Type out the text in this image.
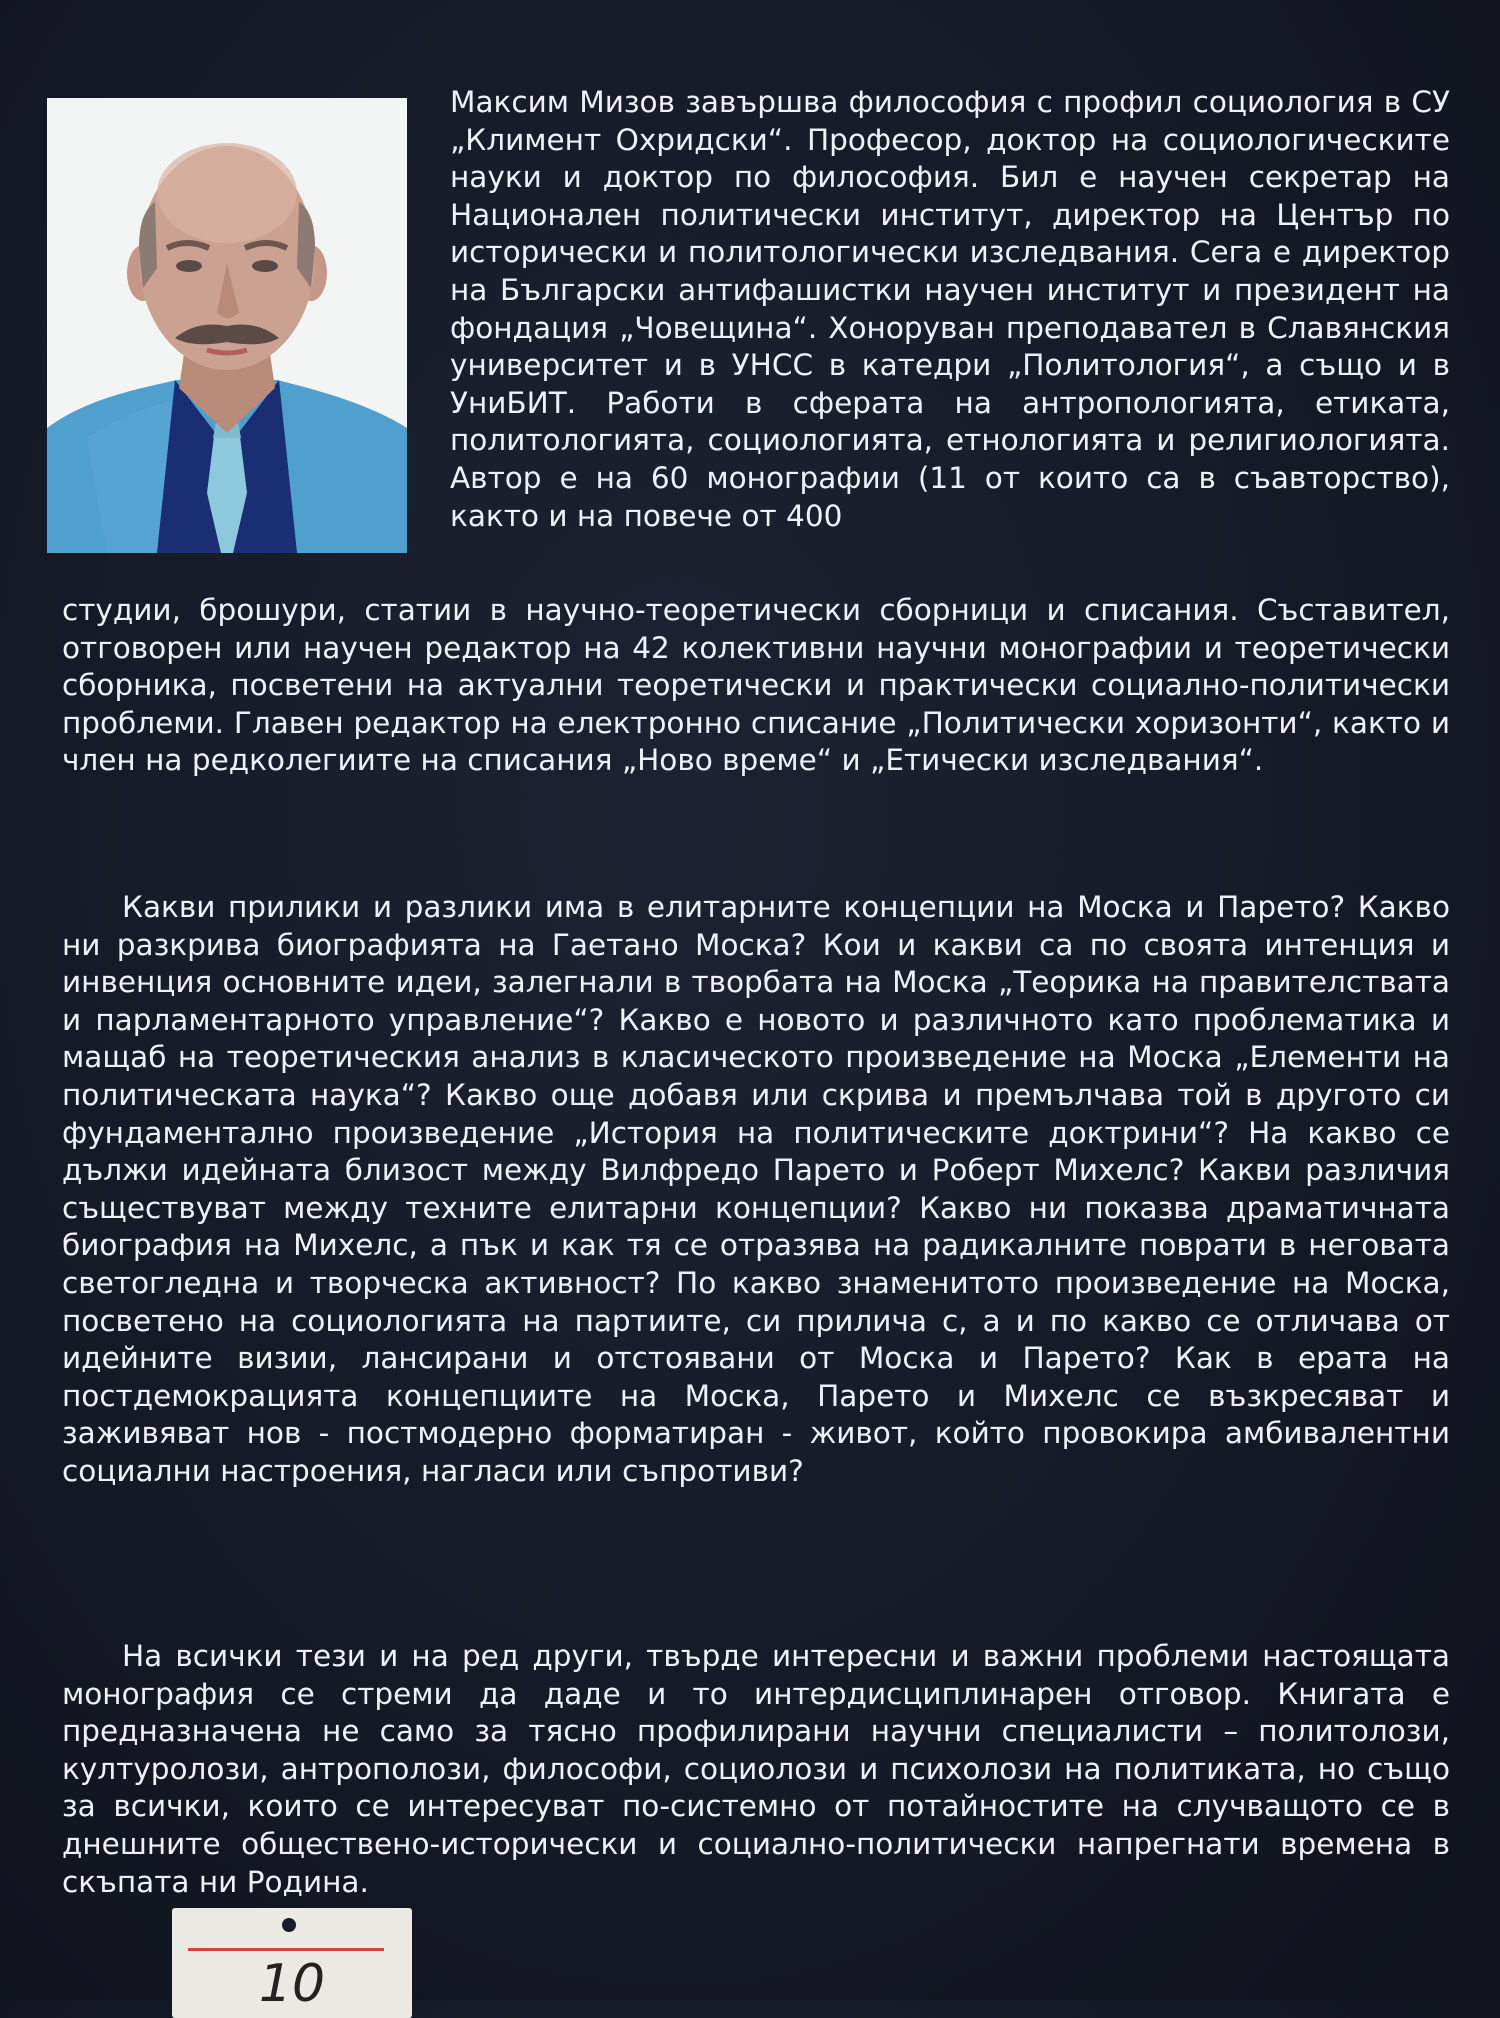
Максим Мизов завършва философия с профил социология в СУ „Климент Охридски“. Професор, доктор на социологическите науки и доктор по философия. Бил е научен секретар на Национален политически институт, директор на Център по исторически и политологически изследвания. Сега е директор на Български антифашистки научен институт и президент на фондация „Човещина“. Хоноруван преподавател в Славянския университет и в УНСС в катедри „Политология“, а също и в УниБИТ. Работи в сферата на антропологията, етиката, политологията, социологията, етнологията и религиологията. Автор е на 60 монографии (11 от които са в съавторство), както и на повече от 400
студии, брошури, статии в научно-теоретически сборници и списания. Съставител, отговорен или научен редактор на 42 колективни научни монографии и теоретически сборника, посветени на актуални теоретически и практически социално-политически проблеми. Главен редактор на електронно списание „Политически хоризонти“, както и член на редколегиите на списания „Ново време“ и „Етически изследвания“.
Какви прилики и разлики има в елитарните концепции на Моска и Парето? Какво ни разкрива биографията на Гаетано Моска? Кои и какви са по своята интенция и инвенция основните идеи, залегнали в творбата на Моска „Теорика на правителствата и парламентарното управление“? Какво е новото и различното като проблематика и мащаб на теоретическия анализ в класическото произведение на Моска „Елементи на политическата наука“? Какво още добавя или скрива и премълчава той в другото си фундаментално произведение „История на политическите доктрини“? На какво се дължи идейната близост между Вилфредо Парето и Роберт Михелс? Какви различия съществуват между техните елитарни концепции? Какво ни показва драматичната биография на Михелс, а пък и как тя се отразява на радикалните поврати в неговата светогледна и творческа активност? По какво знаменитото произведение на Моска, посветено на социологията на партиите, си прилича с, а и по какво се отличава от идейните визии, лансирани и отстоявани от Моска и Парето? Как в ерата на постдемокрацията концепциите на Моска, Парето и Михелс се възкресяват и заживяват нов - постмодерно форматиран - живот, който провокира амбивалентни социални настроения, нагласи или съпротиви?
На всички тези и на ред други, твърде интересни и важни проблеми настоящата монография се стреми да даде и то интердисциплинарен отговор. Книгата е предназначена не само за тясно профилирани научни специалисти – политолози, културолози, антрополози, философи, социолози и психолози на политиката, но също за всички, които се интересуват по-системно от потайностите на случващото се в днешните обществено-исторически и социално-политически напрегнати времена в скъпата ни Родина.
10
